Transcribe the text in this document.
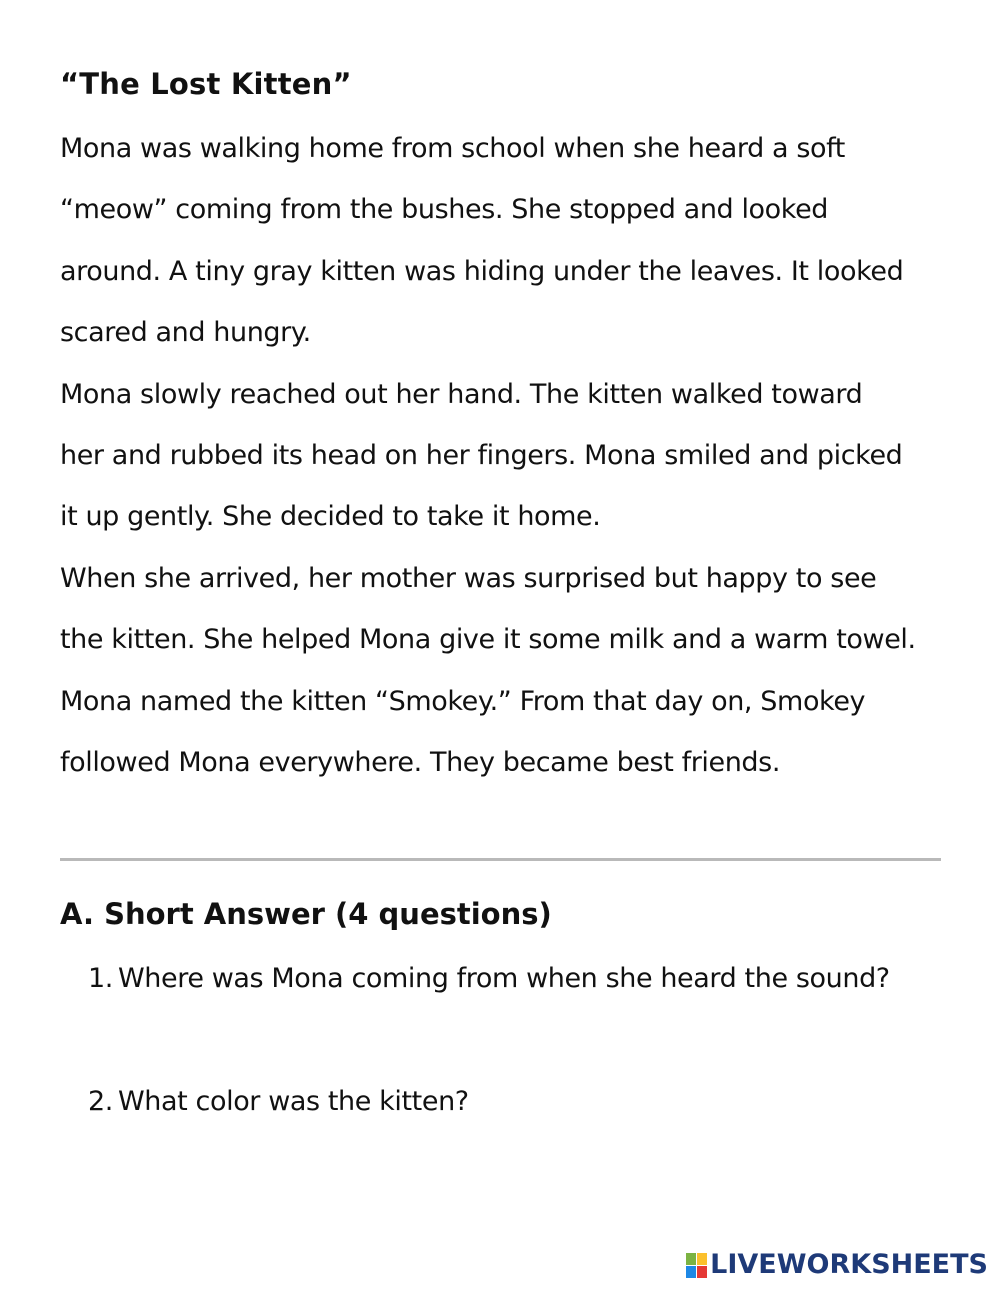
“The Lost Kitten”
Mona was walking home from school when she heard a soft
“meow” coming from the bushes. She stopped and looked
around. A tiny gray kitten was hiding under the leaves. It looked
scared and hungry.
Mona slowly reached out her hand. The kitten walked toward
her and rubbed its head on her fingers. Mona smiled and picked
it up gently. She decided to take it home.
When she arrived, her mother was surprised but happy to see
the kitten. She helped Mona give it some milk and a warm towel.
Mona named the kitten “Smokey.” From that day on, Smokey
followed Mona everywhere. They became best friends.
A. Short Answer (4 questions)
1. Where was Mona coming from when she heard the sound?
2. What color was the kitten?
LIVEWORKSHEETS
